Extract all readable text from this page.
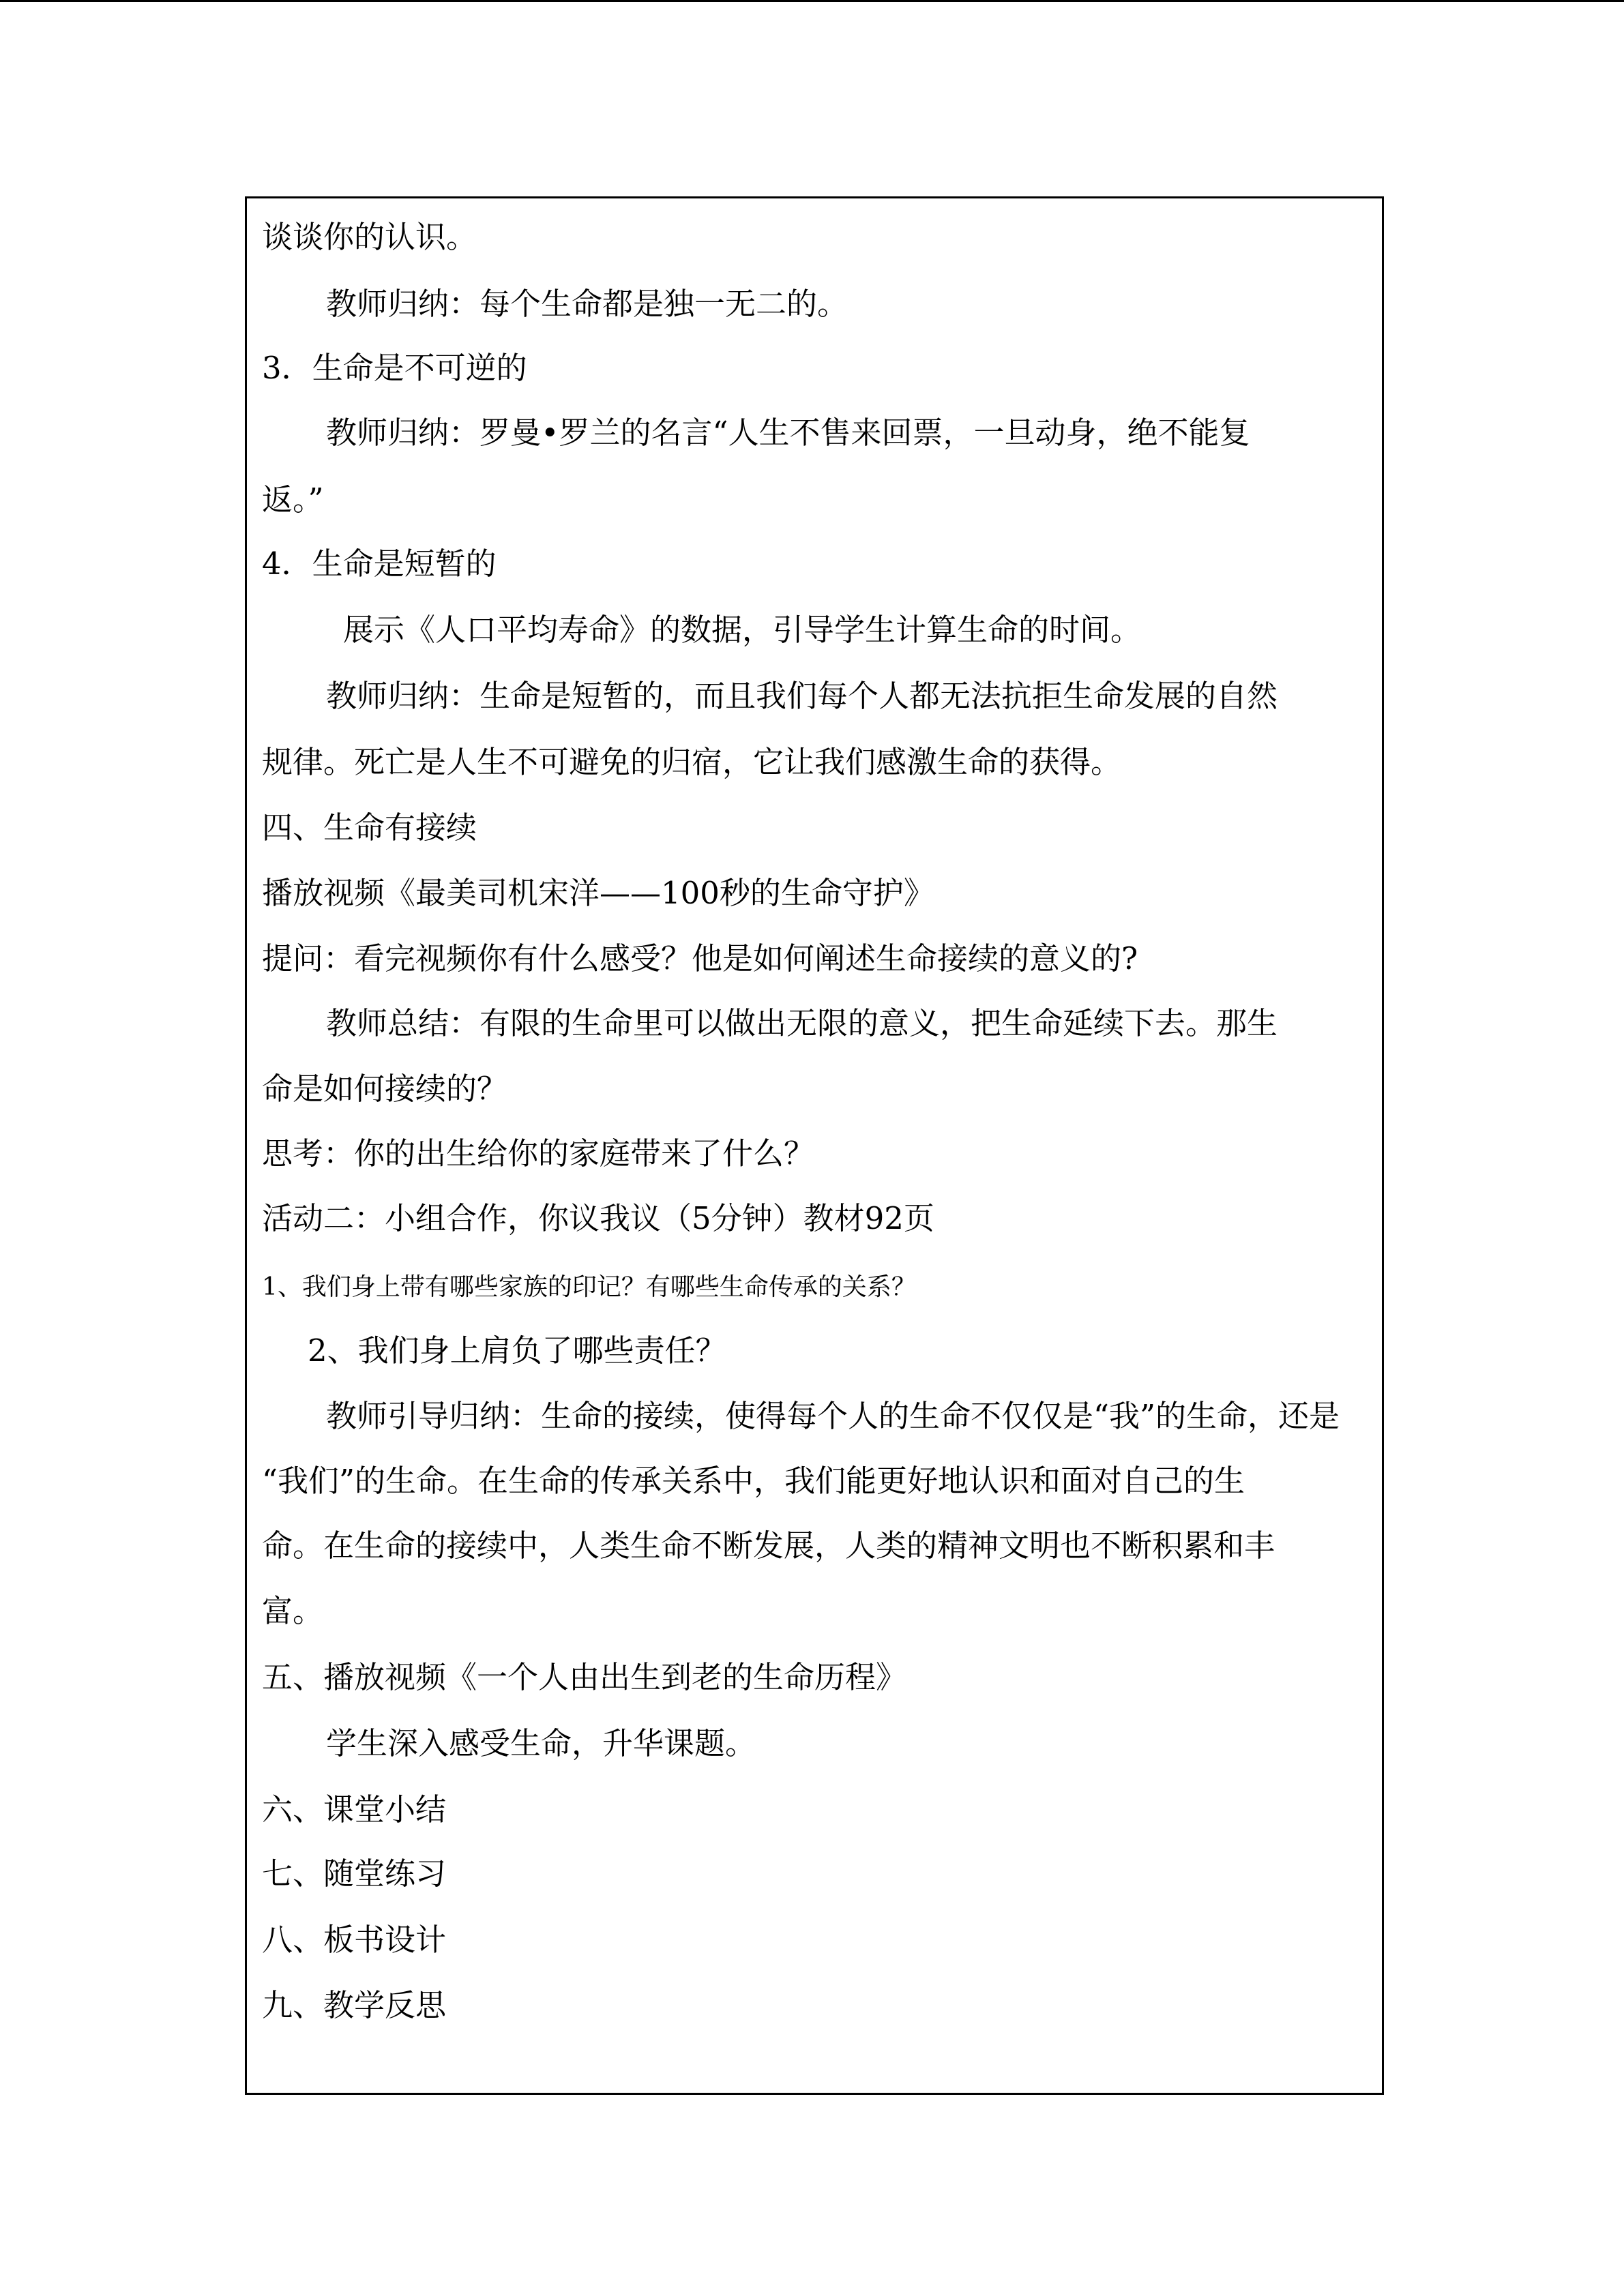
谈谈你的认识。

教师归纳：每个生命都是独一无二的。

3．生命是不可逆的

教师归纳：罗曼•罗兰的名言“人生不售来回票，一旦动身，绝不能复

返。”

4．生命是短暂的

展示《人口平均寿命》的数据，引导学生计算生命的时间。

教师归纳：生命是短暂的，而且我们每个人都无法抗拒生命发展的自然

规律。死亡是人生不可避免的归宿，它让我们感激生命的获得。

四、生命有接续

播放视频《最美司机宋洋——100秒的生命守护》

提问：看完视频你有什么感受？他是如何阐述生命接续的意义的?

教师总结：有限的生命里可以做出无限的意义，把生命延续下去。那生

命是如何接续的？

思考：你的出生给你的家庭带来了什么？

活动二：小组合作，你议我议（5分钟）教材92页

1、我们身上带有哪些家族的印记？有哪些生命传承的关系？

2、我们身上肩负了哪些责任？

教师引导归纳：生命的接续，使得每个人的生命不仅仅是“我”的生命，还是

“我们”的生命。在生命的传承关系中，我们能更好地认识和面对自己的生

命。在生命的接续中，人类生命不断发展，人类的精神文明也不断积累和丰

富。

五、播放视频《一个人由出生到老的生命历程》

学生深入感受生命，升华课题。

六、课堂小结

七、随堂练习

八、板书设计

九、教学反思
